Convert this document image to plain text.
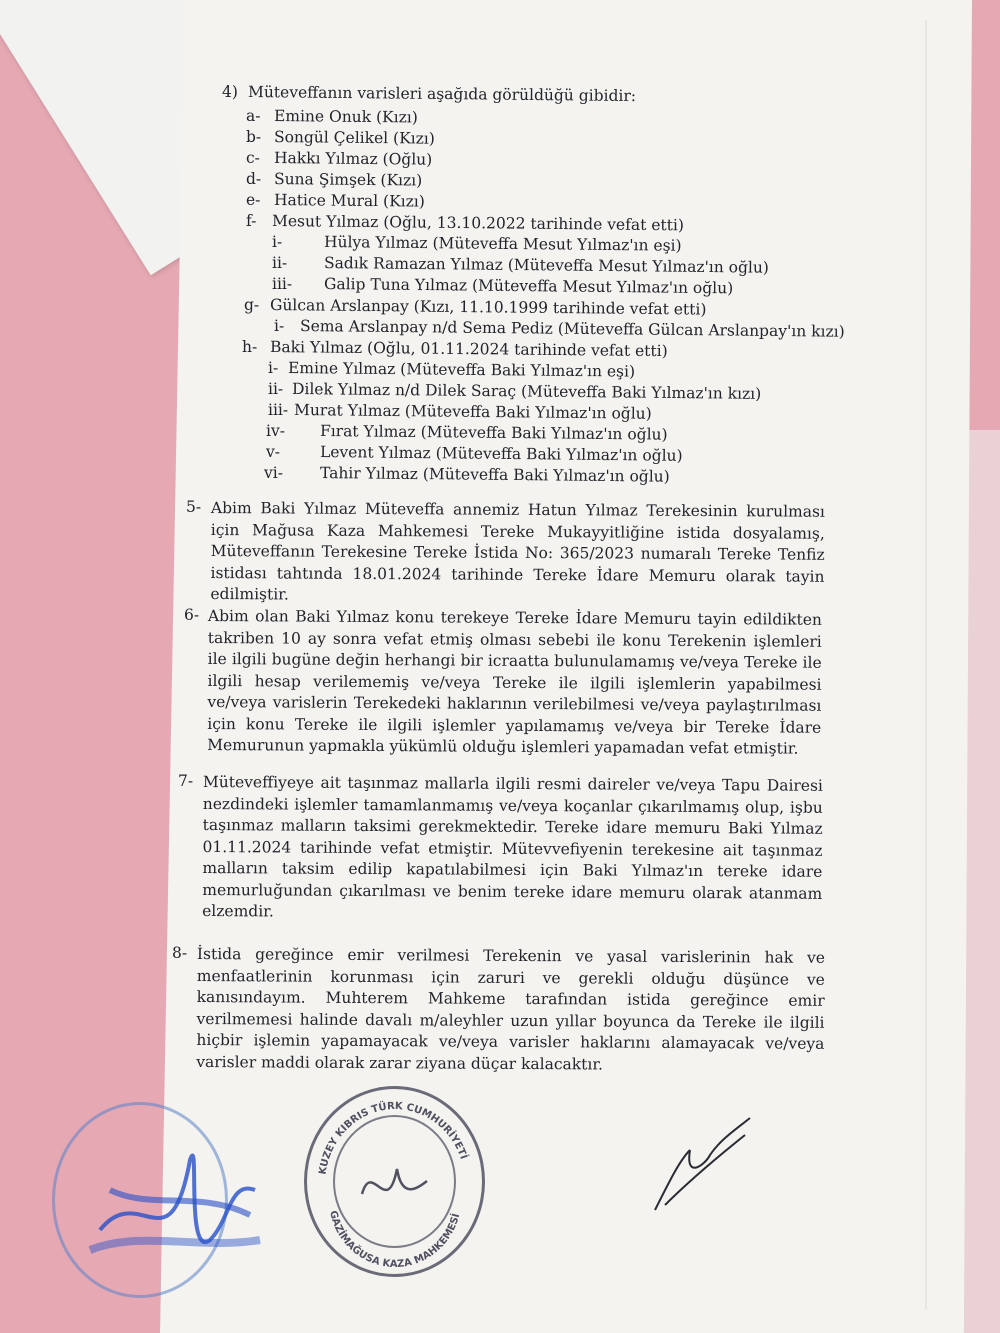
4) Müteveffanın varisleri aşağıda görüldüğü gibidir:
a- Emine Onuk (Kızı)
b- Songül Çelikel (Kızı)
c- Hakkı Yılmaz (Oğlu)
d- Suna Şimşek (Kızı)
e- Hatice Mural (Kızı)
f- Mesut Yılmaz (Oğlu, 13.10.2022 tarihinde vefat etti)
i-	Hülya Yılmaz (Müteveffa Mesut Yılmaz'ın eşi)
ii- Sadık Ramazan Yılmaz (Müteveffa Mesut Yılmaz'ın oğlu)
iii- Galip Tuna Yılmaz (Müteveffa Mesut Yılmaz'ın oğlu)
g- Gülcan Arslanpay (Kızı, 11.10.1999 tarihinde vefat etti)
i- Sema Arslanpay n/d Sema Pediz (Müteveffa Gülcan Arslanpay'ın kızı)
h- Baki Yılmaz (Oğlu, 01.11.2024 tarihinde vefat etti)
i- Emine Yılmaz (Müteveffa Baki Yılmaz'ın eşi)
ii- Dilek Yılmaz n/d Dilek Saraç (Müteveffa Baki Yılmaz'ın kızı)
iii- Murat Yılmaz (Müteveffa Baki Yılmaz'ın oğlu)
iv- Fırat Yılmaz (Müteveffa Baki Yılmaz'ın oğlu)
v-	Levent Yılmaz (Müteveffa Baki Yılmaz'ın oğlu)
vi- Tahir Yılmaz (Müteveffa Baki Yılmaz'ın oğlu)
5- Abim Baki Yılmaz Müteveffa annemiz Hatun Yılmaz Terekesinin kurulması için Mağusa Kaza Mahkemesi Tereke Mukayyitliğine istida dosyalamış, Müteveffanın Terekesine Tereke İstida No: 365/2023 numaralı Tereke Tenfiz istidası tahtında 18.01.2024 tarihinde Tereke İdare Memuru olarak tayin edilmiştir.
6- Abim olan Baki Yılmaz konu terekeye Tereke İdare Memuru tayin edildikten takriben 10 ay sonra vefat etmiş olması sebebi ile konu Terekenin işlemleri ile ilgili bugüne değin herhangi bir icraatta bulunulamamış ve/veya Tereke ile ilgili hesap verilememiş ve/veya Tereke ile ilgili işlemlerin yapabilmesi ve/veya varislerin Terekedeki haklarının verilebilmesi ve/veya paylaştırılması için konu Tereke ile ilgili işlemler yapılamamış ve/veya bir Tereke İdare Memurunun yapmakla yükümlü olduğu işlemleri yapamadan vefat etmiştir.
7- Müteveffiyeye ait taşınmaz mallarla ilgili resmi daireler ve/veya Tapu Dairesi nezdindeki işlemler tamamlanmamış ve/veya koçanlar çıkarılmamış olup, işbu taşınmaz malların taksimi gerekmektedir. Tereke idare memuru Baki Yılmaz 01.11.2024 tarihinde vefat etmiştir. Mütevvefiyenin terekesine ait taşınmaz malların taksim edilip kapatılabilmesi için Baki Yılmaz'ın tereke idare memurluğundan çıkarılması ve benim tereke idare memuru olarak atanmam elzemdir.
8- İstida gereğince emir verilmesi Terekenin ve yasal varislerinin hak ve menfaatlerinin korunması için zaruri ve gerekli olduğu düşünce ve kanısındayım. Muhterem Mahkeme tarafından istida gereğince emir verilmemesi halinde davalı m/aleyhler uzun yıllar boyunca da Tereke ile ilgili hiçbir işlemin yapamayacak ve/veya varisler haklarını alamayacak ve/veya varisler maddi olarak zarar ziyana düçar kalacaktır.
KUZEY KIBRIS TÜRK CUMHURİYETİ
GAZİMAĞUSA KAZA MAHKEMESİ
